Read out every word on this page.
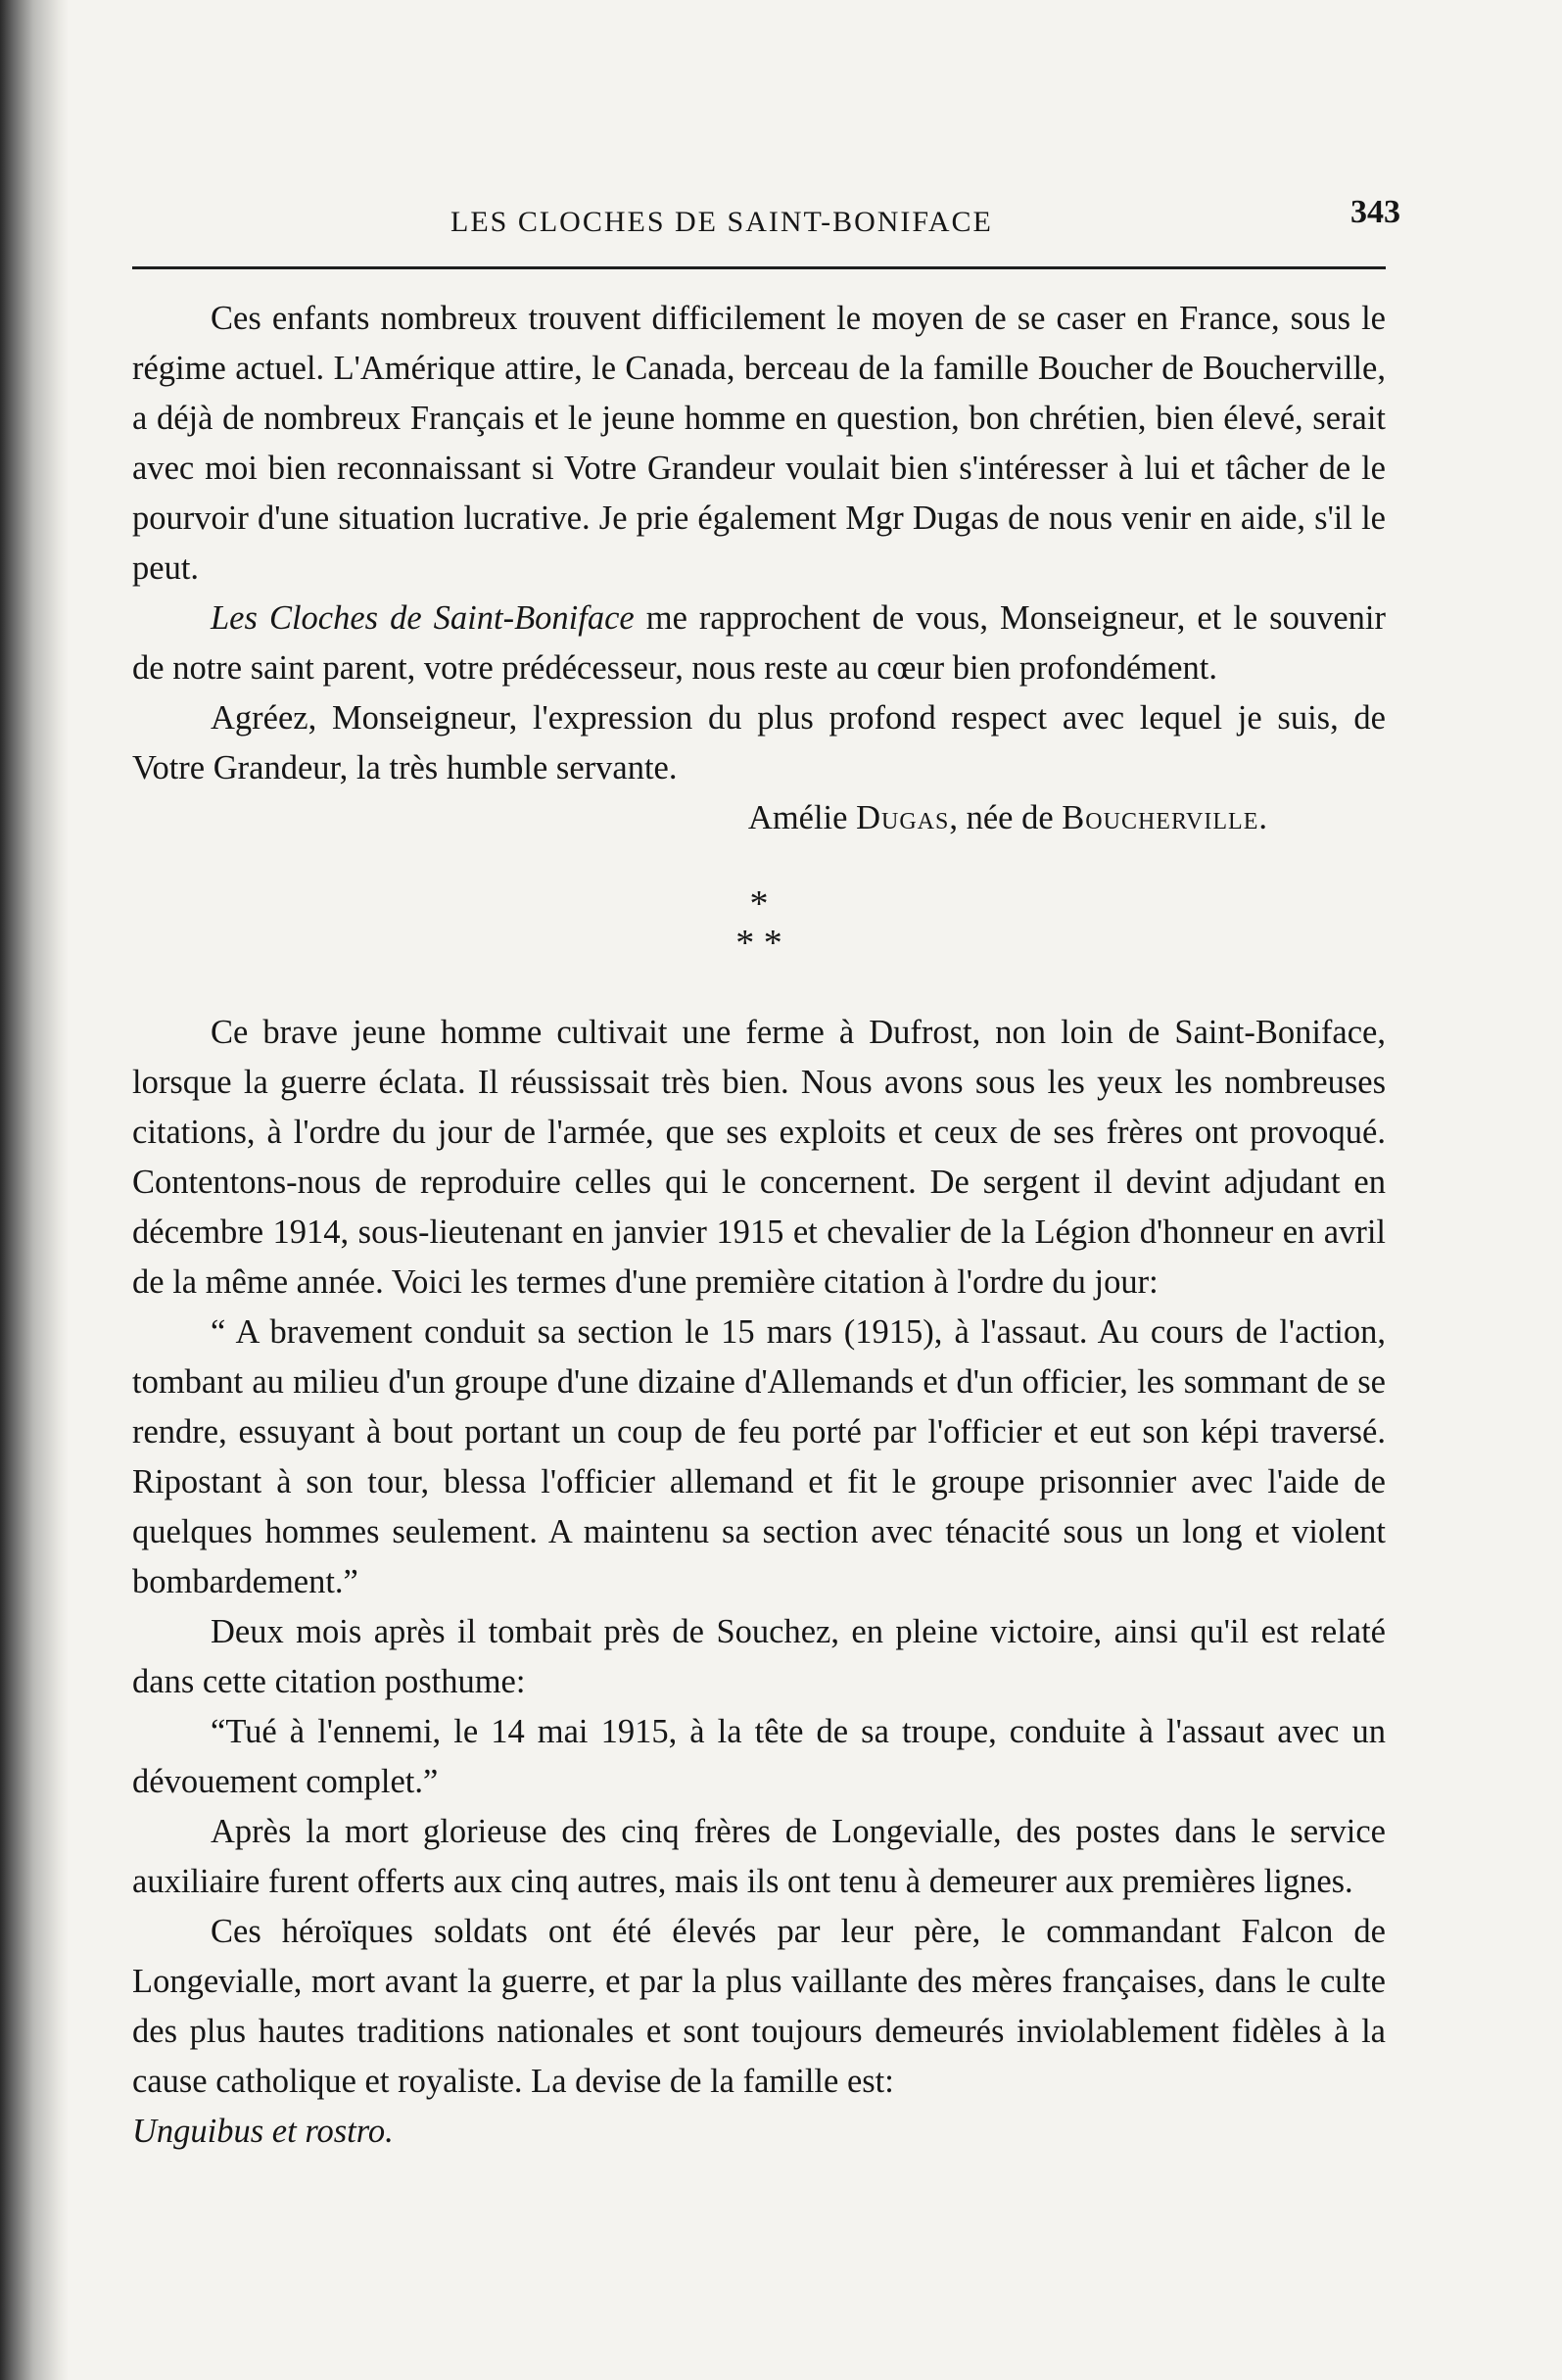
LES CLOCHES DE SAINT-BONIFACE	343

Ces enfants nombreux trouvent difficilement le moyen de se caser en France, sous le régime actuel. L'Amérique attire, le Canada, berceau de la famille Boucher de Boucherville, a déjà de nombreux Français et le jeune homme en question, bon chrétien, bien élevé, serait avec moi bien reconnaissant si Votre Grandeur voulait bien s'intéresser à lui et tâcher de le pourvoir d'une situation lucrative. Je prie également Mgr Dugas de nous venir en aide, s'il le peut.

Les Cloches de Saint-Boniface me rapprochent de vous, Monseigneur, et le souvenir de notre saint parent, votre prédécesseur, nous reste au cœur bien profondément.

Agréez, Monseigneur, l'expression du plus profond respect avec lequel je suis, de Votre Grandeur, la très humble servante.

Amélie Dugas, née de Boucherville.

*
* *

Ce brave jeune homme cultivait une ferme à Dufrost, non loin de Saint-Boniface, lorsque la guerre éclata. Il réussissait très bien. Nous avons sous les yeux les nombreuses citations, à l'ordre du jour de l'armée, que ses exploits et ceux de ses frères ont provoqué. Contentons-nous de reproduire celles qui le concernent. De sergent il devint adjudant en décembre 1914, sous-lieutenant en janvier 1915 et chevalier de la Légion d'honneur en avril de la même année. Voici les termes d'une première citation à l'ordre du jour:

“ A bravement conduit sa section le 15 mars (1915), à l'assaut. Au cours de l'action, tombant au milieu d'un groupe d'une dizaine d'Allemands et d'un officier, les sommant de se rendre, essuyant à bout portant un coup de feu porté par l'officier et eut son képi traversé. Ripostant à son tour, blessa l'officier allemand et fit le groupe prisonnier avec l'aide de quelques hommes seulement. A maintenu sa section avec ténacité sous un long et violent bombardement.”

Deux mois après il tombait près de Souchez, en pleine victoire, ainsi qu'il est relaté dans cette citation posthume:

“Tué à l'ennemi, le 14 mai 1915, à la tête de sa troupe, conduite à l'assaut avec un dévouement complet.”

Après la mort glorieuse des cinq frères de Longevialle, des postes dans le service auxiliaire furent offerts aux cinq autres, mais ils ont tenu à demeurer aux premières lignes.

Ces héroïques soldats ont été élevés par leur père, le commandant Falcon de Longevialle, mort avant la guerre, et par la plus vaillante des mères françaises, dans le culte des plus hautes traditions nationales et sont toujours demeurés inviolablement fidèles à la cause catholique et royaliste. La devise de la famille est:

Unguibus et rostro.
